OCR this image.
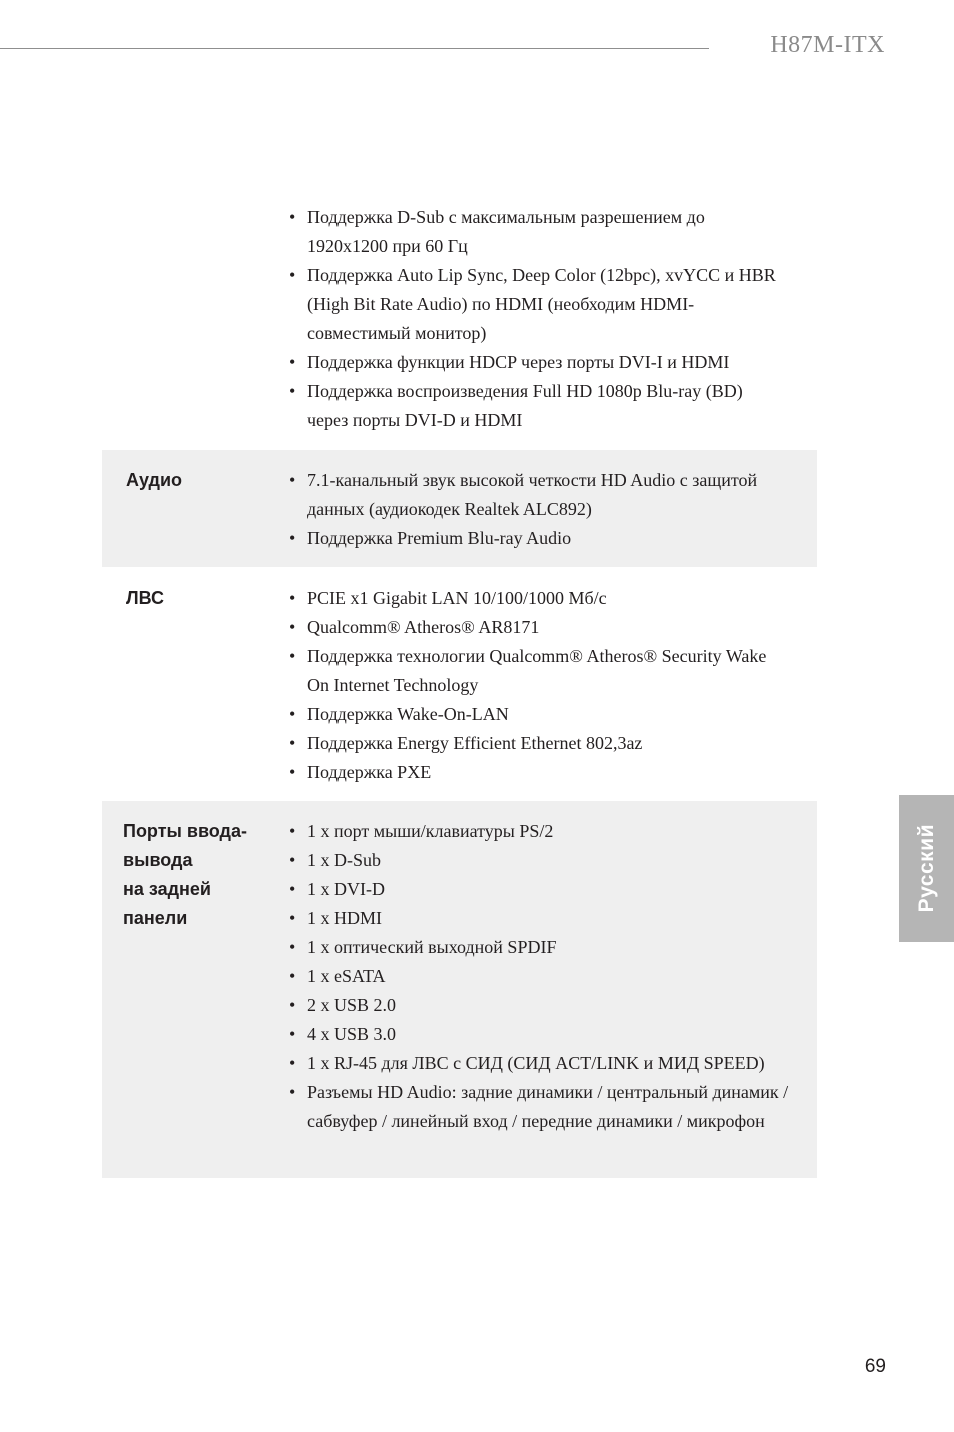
H87M-ITX
• Поддержка D-Sub с максимальным разрешением до 1920x1200 при 60 Гц
• Поддержка Auto Lip Sync, Deep Color (12bpc), xvYCC и HBR (High Bit Rate Audio) по HDMI (необходим HDMI-совместимый монитор)
• Поддержка функции HDCP через порты DVI-I и HDMI
• Поддержка воспроизведения Full HD 1080p Blu-ray (BD) через порты DVI-D и HDMI
Аудио	• 7.1-канальный звук высокой четкости HD Audio с защитой данных (аудиокодек Realtek ALC892)
• Поддержка Premium Blu-ray Audio
ЛВС	• PCIE x1 Gigabit LAN 10/100/1000 Мб/с
• Qualcomm® Atheros® AR8171
• Поддержка технологии Qualcomm® Atheros® Security Wake On Internet Technology
• Поддержка Wake-On-LAN
• Поддержка Energy Efficient Ethernet 802,3az
• Поддержка PXE
Порты ввода-
вывода
на задней
панели
• 1 x порт мыши/клавиатуры PS/2
• 1 x D-Sub
• 1 x DVI-D
• 1 x HDMI
• 1 x оптический выходной SPDIF
• 1 x eSATA
• 2 x USB 2.0
• 4 x USB 3.0
• 1 x RJ-45 для ЛВС с СИД (СИД ACT/LINK и МИД SPEED)
• Разъемы HD Audio: задние динамики / центральный динамик / сабвуфер / линейный вход / передние динамики / микрофон
Русский
69
